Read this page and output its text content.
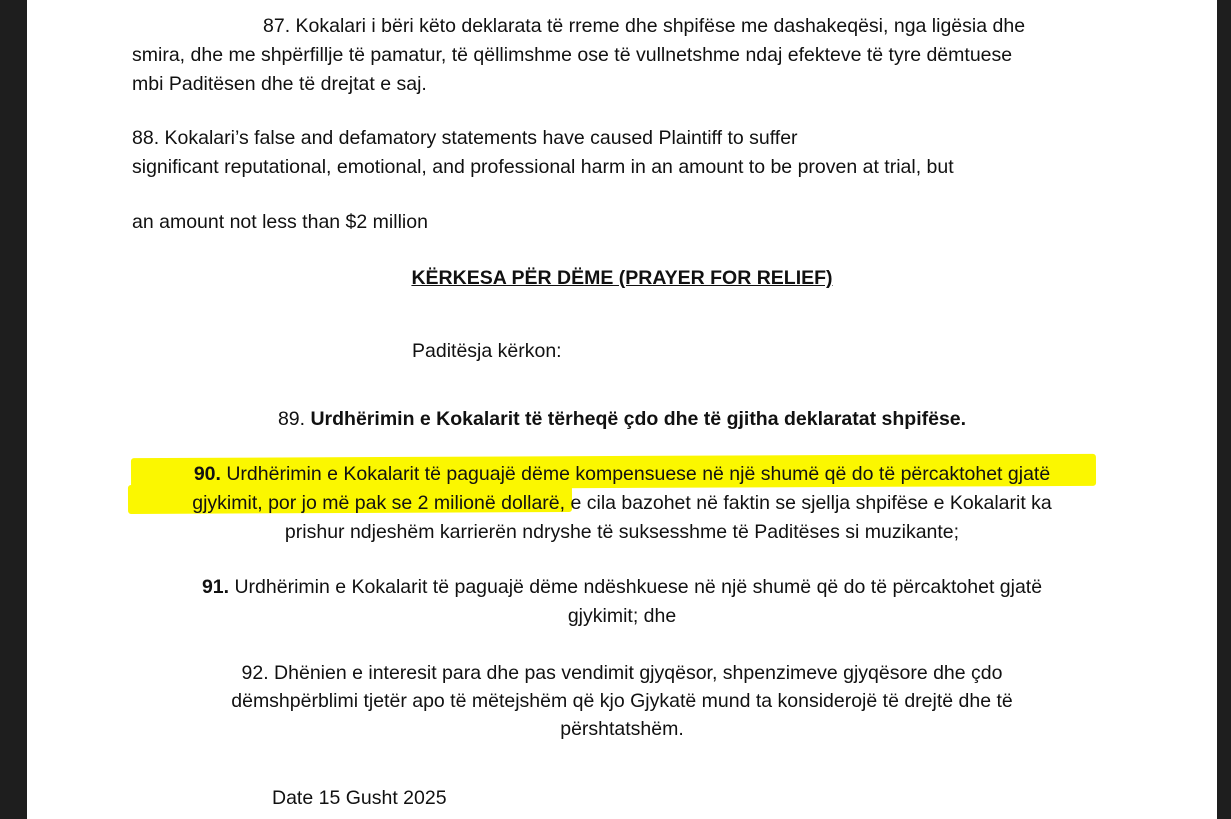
87. Kokalari i bëri këto deklarata të rreme dhe shpifëse me dashakeqësi, nga ligësia dhe
smira, dhe me shpërfillje të pamatur, të qëllimshme ose të vullnetshme ndaj efekteve të tyre dëmtuese
mbi Paditësen dhe të drejtat e saj.
88. Kokalari’s false and defamatory statements have caused Plaintiff to suffer
significant reputational, emotional, and professional harm in an amount to be proven at trial, but
an amount not less than $2 million
KËRKESA PËR DËME (PRAYER FOR RELIEF)
Paditësja kërkon:
89. Urdhërimin e Kokalarit të tërheqë çdo dhe të gjitha deklaratat shpifëse.
90. Urdhërimin e Kokalarit të paguajë dëme kompensuese në një shumë që do të përcaktohet gjatë
gjykimit, por jo më pak se 2 milionë dollarë, e cila bazohet në faktin se sjellja shpifëse e Kokalarit ka
prishur ndjeshëm karrierën ndryshe të suksesshme të Paditëses si muzikante;
91. Urdhërimin e Kokalarit të paguajë dëme ndëshkuese në një shumë që do të përcaktohet gjatë
gjykimit; dhe
92. Dhënien e interesit para dhe pas vendimit gjyqësor, shpenzimeve gjyqësore dhe çdo
dëmshpërblimi tjetër apo të mëtejshëm që kjo Gjykatë mund ta konsiderojë të drejtë dhe të
përshtatshëm.
Date 15 Gusht 2025
